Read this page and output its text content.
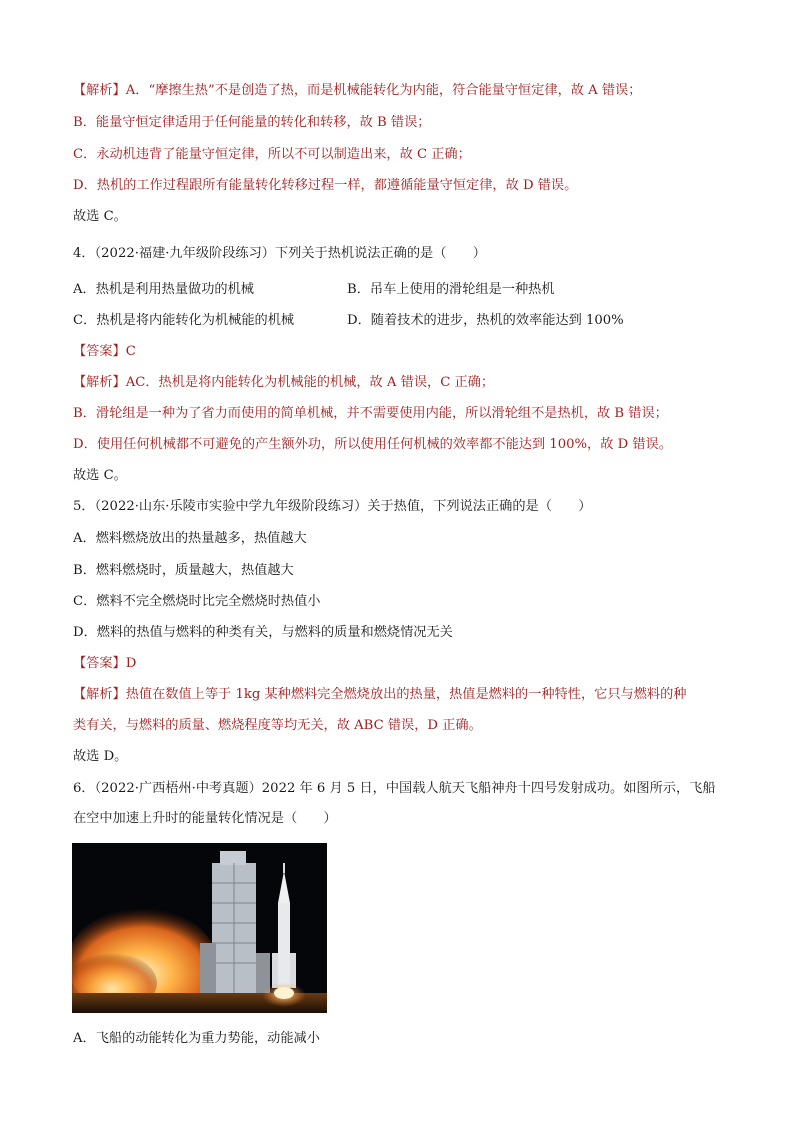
【解析】A．“摩擦生热”不是创造了热，而是机械能转化为内能，符合能量守恒定律，故 A 错误；
B．能量守恒定律适用于任何能量的转化和转移，故 B 错误；
C．永动机违背了能量守恒定律，所以不可以制造出来，故 C 正确；
D．热机的工作过程跟所有能量转化转移过程一样，都遵循能量守恒定律，故 D 错误。
故选 C。
4．（2022·福建·九年级阶段练习）下列关于热机说法正确的是（　　）
A．热机是利用热量做功的机械	B．吊车上使用的滑轮组是一种热机
C．热机是将内能转化为机械能的机械	D．随着技术的进步，热机的效率能达到 100%
【答案】C
【解析】AC．热机是将内能转化为机械能的机械，故 A 错误，C 正确；
B．滑轮组是一种为了省力而使用的简单机械，并不需要使用内能，所以滑轮组不是热机，故 B 错误；
D．使用任何机械都不可避免的产生额外功，所以使用任何机械的效率都不能达到 100%，故 D 错误。
故选 C。
5．（2022·山东·乐陵市实验中学九年级阶段练习）关于热值，下列说法正确的是（　　）
A．燃料燃烧放出的热量越多，热值越大
B．燃料燃烧时，质量越大，热值越大
C．燃料不完全燃烧时比完全燃烧时热值小
D．燃料的热值与燃料的种类有关，与燃料的质量和燃烧情况无关
【答案】D
【解析】热值在数值上等于 1kg 某种燃料完全燃烧放出的热量，热值是燃料的一种特性，它只与燃料的种
类有关，与燃料的质量、燃烧程度等均无关，故 ABC 错误，D 正确。
故选 D。
6．（2022·广西梧州·中考真题）2022 年 6 月 5 日，中国载人航天飞船神舟十四号发射成功。如图所示，飞船
在空中加速上升时的能量转化情况是（　　）
A．飞船的动能转化为重力势能，动能减小
